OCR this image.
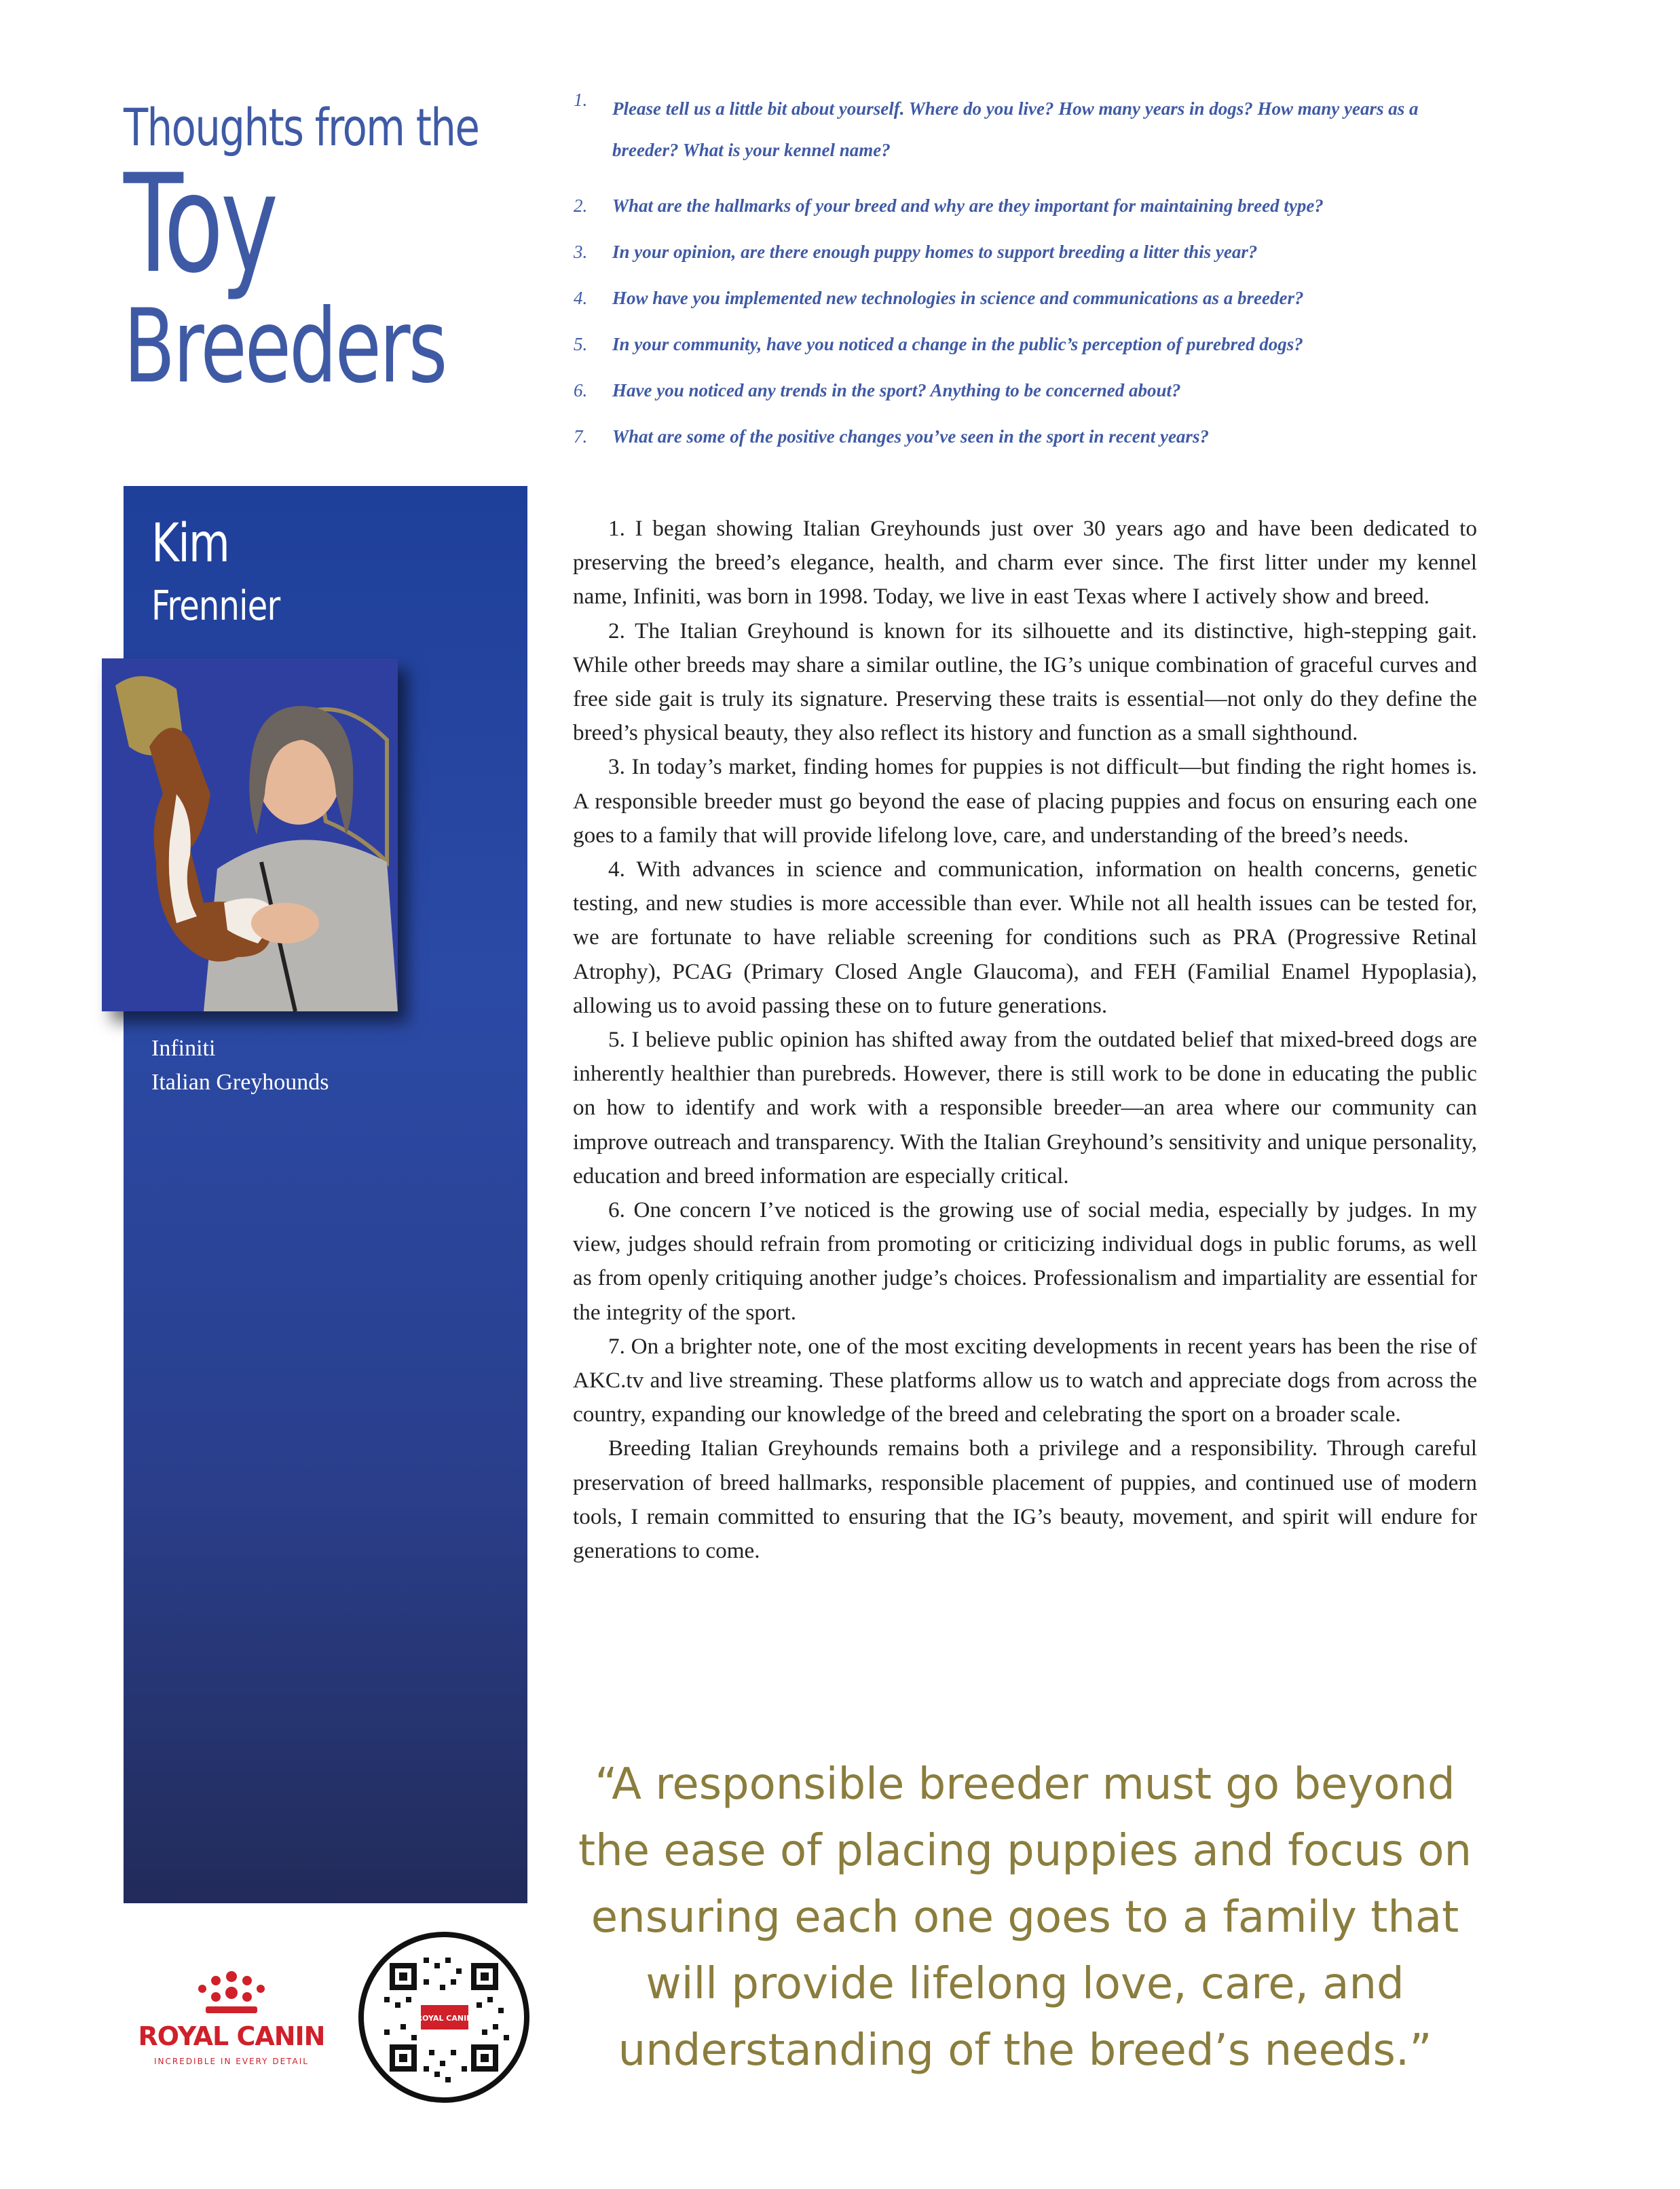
Thoughts from the
Toy
Breeders
1. Please tell us a little bit about yourself. Where do you live? How many years in dogs? How many years as a breeder? What is your kennel name?
2. What are the hallmarks of your breed and why are they important for maintaining breed type?
3. In your opinion, are there enough puppy homes to support breeding a litter this year?
4. How have you implemented new technologies in science and communications as a breeder?
5. In your community, have you noticed a change in the public’s perception of purebred dogs?
6. Have you noticed any trends in the sport? Anything to be concerned about?
7. What are some of the positive changes you’ve seen in the sport in recent years?
Kim
Frennier
Infiniti
Italian Greyhounds

1. I began showing Italian Greyhounds just over 30 years ago and have been dedicated to preserving the breed’s elegance, health, and charm ever since. The first litter under my kennel name, Infiniti, was born in 1998. Today, we live in east Texas where I actively show and breed.

2. The Italian Greyhound is known for its silhouette and its distinctive, high-stepping gait. While other breeds may share a similar outline, the IG’s unique combination of graceful curves and free side gait is truly its signature. Preserving these traits is essential—not only do they define the breed’s physical beauty, they also reflect its history and function as a small sighthound.

3. In today’s market, finding homes for puppies is not difficult—but finding the right homes is. A responsible breeder must go beyond the ease of placing puppies and focus on ensuring each one goes to a family that will provide lifelong love, care, and understanding of the breed’s needs.

4. With advances in science and communication, information on health concerns, genetic testing, and new studies is more accessible than ever. While not all health issues can be tested for, we are fortunate to have reliable screening for conditions such as PRA (Progressive Retinal Atrophy), PCAG (Primary Closed Angle Glaucoma), and FEH (Familial Enamel Hypoplasia), allowing us to avoid passing these on to future generations.

5. I believe public opinion has shifted away from the outdated belief that mixed-breed dogs are inherently healthier than purebreds. However, there is still work to be done in educating the public on how to identify and work with a responsible breeder—an area where our community can improve outreach and transparency. With the Italian Greyhound’s sensitivity and unique personality, education and breed information are especially critical.

6. One concern I’ve noticed is the growing use of social media, especially by judges. In my view, judges should refrain from promoting or criticizing individual dogs in public forums, as well as from openly critiquing another judge’s choices. Professionalism and impartiality are essential for the integrity of the sport.

7. On a brighter note, one of the most exciting developments in recent years has been the rise of AKC.tv and live streaming. These platforms allow us to watch and appreciate dogs from across the country, expanding our knowledge of the breed and celebrating the sport on a broader scale.

Breeding Italian Greyhounds remains both a privilege and a responsibility. Through careful preservation of breed hallmarks, responsible placement of puppies, and continued use of modern tools, I remain committed to ensuring that the IG’s beauty, movement, and spirit will endure for generations to come.

“A responsible breeder must go beyond the ease of placing puppies and focus on ensuring each one goes to a family that will provide lifelong love, care, and understanding of the breed’s needs.”
ROYAL CANIN
INCREDIBLE IN EVERY DETAIL
ROYAL CANIN
